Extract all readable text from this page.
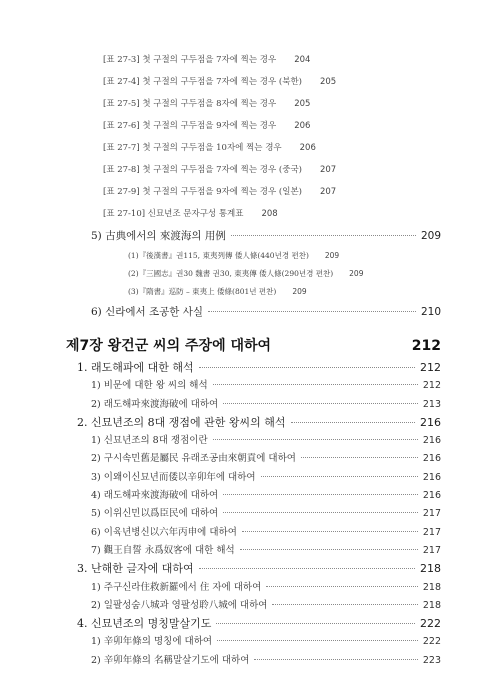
[표 27-3] 첫 구절의 구두점을 7자에 찍는 경우 204
[표 27-4] 첫 구절의 구두점을 7자에 찍는 경우 (북한) 205
[표 27-5] 첫 구절의 구두점을 8자에 찍는 경우 205
[표 27-6] 첫 구절의 구두점을 9자에 찍는 경우 206
[표 27-7] 첫 구절의 구두점을 10자에 찍는 경우 206
[표 27-8] 첫 구절의 구두점을 7자에 찍는 경우 (중국) 207
[표 27-9] 첫 구절의 구두점을 9자에 찍는 경우 (일본) 207
[표 27-10] 신묘년조 문자구성 통계표 208
5) 古典에서의 來渡海의 用例	209
(1)『後漢書』권115, 東夷列傳 倭人條(440년경 편찬) 209
(2)『三國志』권30 魏書 권30, 東夷傳 倭人條(290년경 편찬) 209
(3)『隋書』巡防 – 東夷上 倭條(801년 편찬) 209
6) 신라에서 조공한 사실	210
제7장 왕건군 씨의 주장에 대하여	212
1. 래도해파에 대한 해석	212
1) 비문에 대한 왕 씨의 해석	212
2) 래도해파來渡海破에 대하여	213
2. 신묘년조의 8대 쟁점에 관한 왕씨의 해석	216
1) 신묘년조의 8대 쟁점이란	216
2) 구시속민舊是屬民 유래조공由來朝貢에 대하여	216
3) 이왜이신묘년而倭以辛卯年에 대하여	216
4) 래도해파來渡海破에 대하여	216
5) 이위신민以爲臣民에 대하여	217
6) 이육년병신以六年丙申에 대하여	217
7) 觀王自誓 永爲奴客에 대한 해석	217
3. 난해한 글자에 대하여	218
1) 주구신라住救新羅에서 住 자에 대하여	218
2) 일팔성숨八城과 영팔성聆八城에 대하여	218
4. 신묘년조의 명칭말살기도	222
1) 辛卯年條의 명칭에 대하여	222
2) 辛卯年條의 名稱말살기도에 대하여	223
